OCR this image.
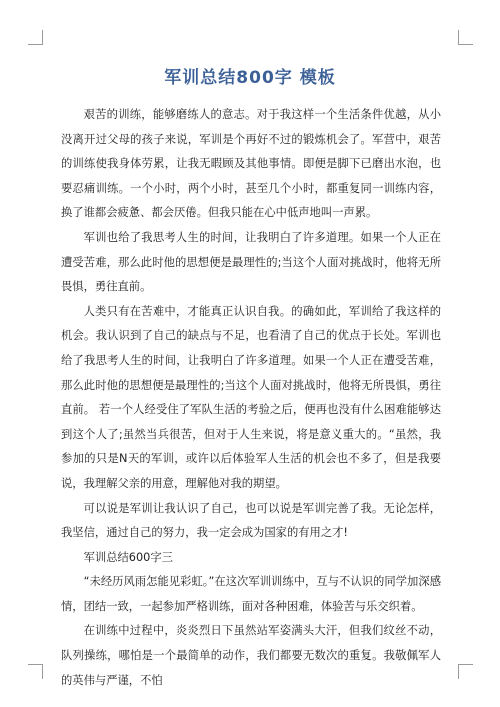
军训总结800字 模板

艰苦的训练，能够磨练人的意志。对于我这样一个生活条件优越，从小没离开过父母的孩子来说，军训是个再好不过的锻炼机会了。军营中，艰苦的训练使我身体劳累，让我无暇顾及其他事情。即便是脚下已磨出水泡，也要忍痛训练。一个小时，两个小时，甚至几个小时，都重复同一训练内容，换了谁都会疲惫、都会厌倦。但我只能在心中低声地叫一声累。

军训也给了我思考人生的时间，让我明白了许多道理。如果一个人正在遭受苦难，那么此时他的思想便是最理性的;当这个人面对挑战时，他将无所畏惧，勇往直前。

人类只有在苦难中，才能真正认识自我。的确如此，军训给了我这样的机会。我认识到了自己的缺点与不足，也看清了自己的优点于长处。军训也给了我思考人生的时间，让我明白了许多道理。如果一个人正在遭受苦难，那么此时他的思想便是最理性的;当这个人面对挑战时，他将无所畏惧，勇往直前。 若一个人经受住了军队生活的考验之后，便再也没有什么困难能够达到这个人了;虽然当兵很苦，但对于人生来说，将是意义重大的。“虽然，我参加的只是N天的军训，或许以后体验军人生活的机会也不多了，但是我要说，我理解父亲的用意，理解他对我的期望。

可以说是军训让我认识了自己，也可以说是军训完善了我。无论怎样，我坚信，通过自己的努力，我一定会成为国家的有用之才!

军训总结600字三

“未经历风雨怎能见彩虹。”在这次军训训练中，互与不认识的同学加深感情，团结一致，一起参加严格训练，面对各种困难，体验苦与乐交织着。

在训练中过程中，炎炎烈日下虽然站军姿满头大汗，但我们纹丝不动，队列操练，哪怕是一个最简单的动作，我们都要无数次的重复。我敬佩军人的英伟与严谨，不怕
